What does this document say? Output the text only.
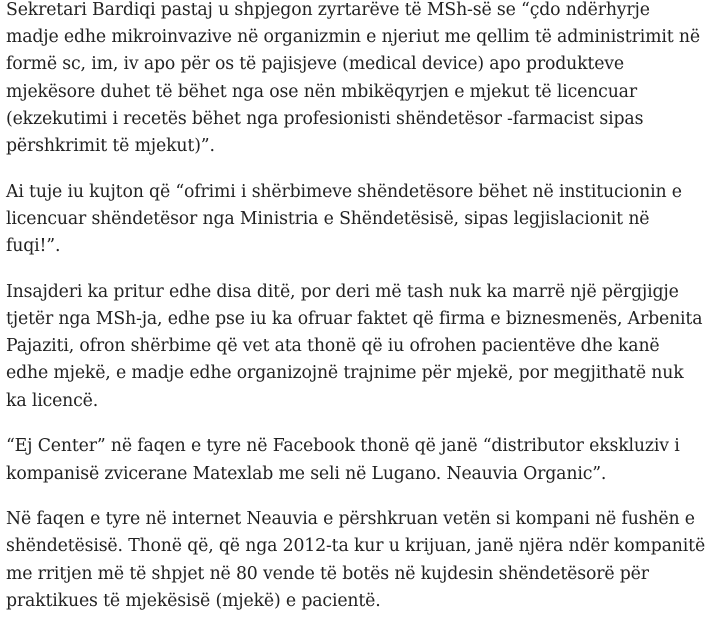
Sekretari Bardiqi pastaj u shpjegon zyrtarëve të MSh-së se “çdo ndërhyrje madje edhe mikroinvazive në organizmin e njeriut me qellim të administrimit në formë sc, im, iv apo për os të pajisjeve (medical device) apo produkteve mjekësore duhet të bëhet nga ose nën mbikëqyrjen e mjekut të licencuar (ekzekutimi i recetës bëhet nga profesionisti shëndetësor -farmacist sipas përshkrimit të mjekut)”.

Ai tuje iu kujton që “ofrimi i shërbimeve shëndetësore bëhet në institucionin e licencuar shëndetësor nga Ministria e Shëndetësisë, sipas legjislacionit në fuqi!”.

Insajderi ka pritur edhe disa ditë, por deri më tash nuk ka marrë një përgjigje tjetër nga MSh-ja, edhe pse iu ka ofruar faktet që firma e biznesmenës, Arbenita Pajaziti, ofron shërbime që vet ata thonë që iu ofrohen pacientëve dhe kanë edhe mjekë, e madje edhe organizojnë trajnime për mjekë, por megjithatë nuk ka licencë.

“Ej Center” në faqen e tyre në Facebook thonë që janë “distributor ekskluziv i kompanisë zvicerane Matexlab me seli në Lugano. Neauvia Organic”.

Në faqen e tyre në internet Neauvia e përshkruan vetën si kompani në fushën e shëndetësisë. Thonë që, që nga 2012-ta kur u krijuan, janë njëra ndër kompanitë me rritjen më të shpjet në 80 vende të botës në kujdesin shëndetësorë për praktikues të mjekësisë (mjekë) e pacientë.
